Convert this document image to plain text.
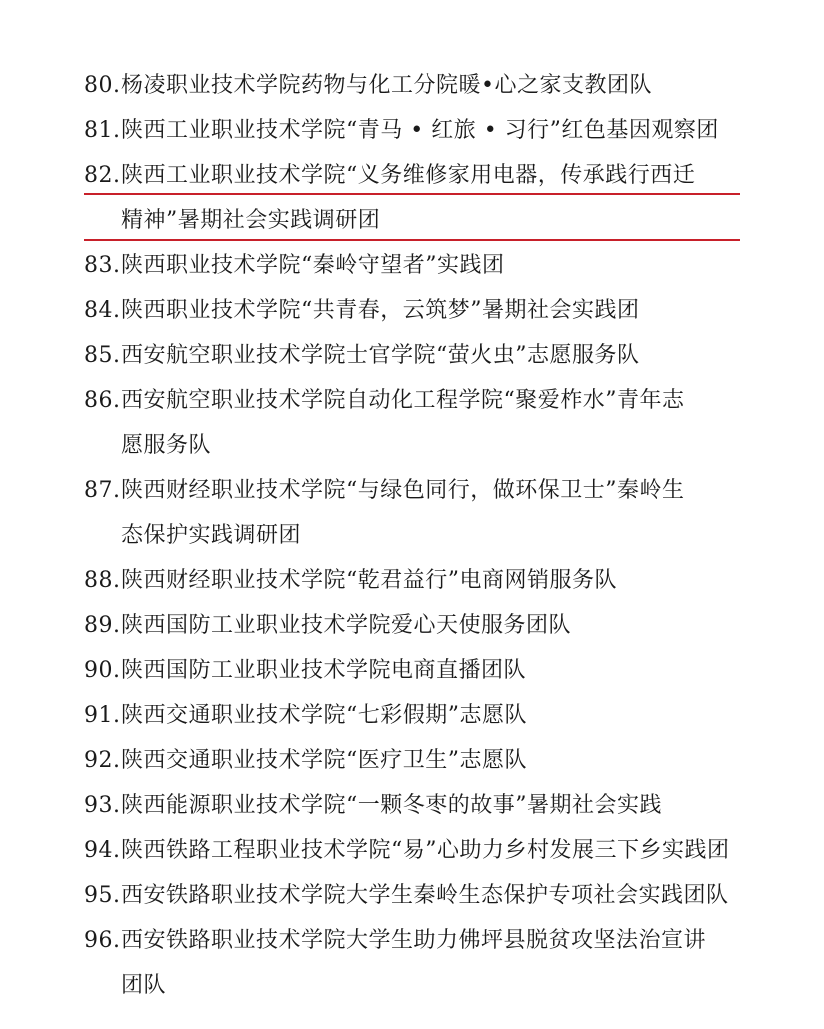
80. 杨凌职业技术学院药物与化工分院暖•心之家支教团队
81. 陕西工业职业技术学院“青马 • 红旅 • 习行”红色基因观察团
82. 陕西工业职业技术学院“义务维修家用电器，传承践行西迁
精神”暑期社会实践调研团
83. 陕西职业技术学院“秦岭守望者”实践团
84. 陕西职业技术学院“共青春，云筑梦”暑期社会实践团
85. 西安航空职业技术学院士官学院“萤火虫”志愿服务队
86. 西安航空职业技术学院自动化工程学院“聚爱柞水”青年志
愿服务队
87. 陕西财经职业技术学院“与绿色同行，做环保卫士”秦岭生
态保护实践调研团
88. 陕西财经职业技术学院“乾君益行”电商网销服务队
89. 陕西国防工业职业技术学院爱心天使服务团队
90. 陕西国防工业职业技术学院电商直播团队
91. 陕西交通职业技术学院“七彩假期”志愿队
92. 陕西交通职业技术学院“医疗卫生”志愿队
93. 陕西能源职业技术学院“一颗冬枣的故事”暑期社会实践
94. 陕西铁路工程职业技术学院“易”心助力乡村发展三下乡实践团
95. 西安铁路职业技术学院大学生秦岭生态保护专项社会实践团队
96. 西安铁路职业技术学院大学生助力佛坪县脱贫攻坚法治宣讲
团队
